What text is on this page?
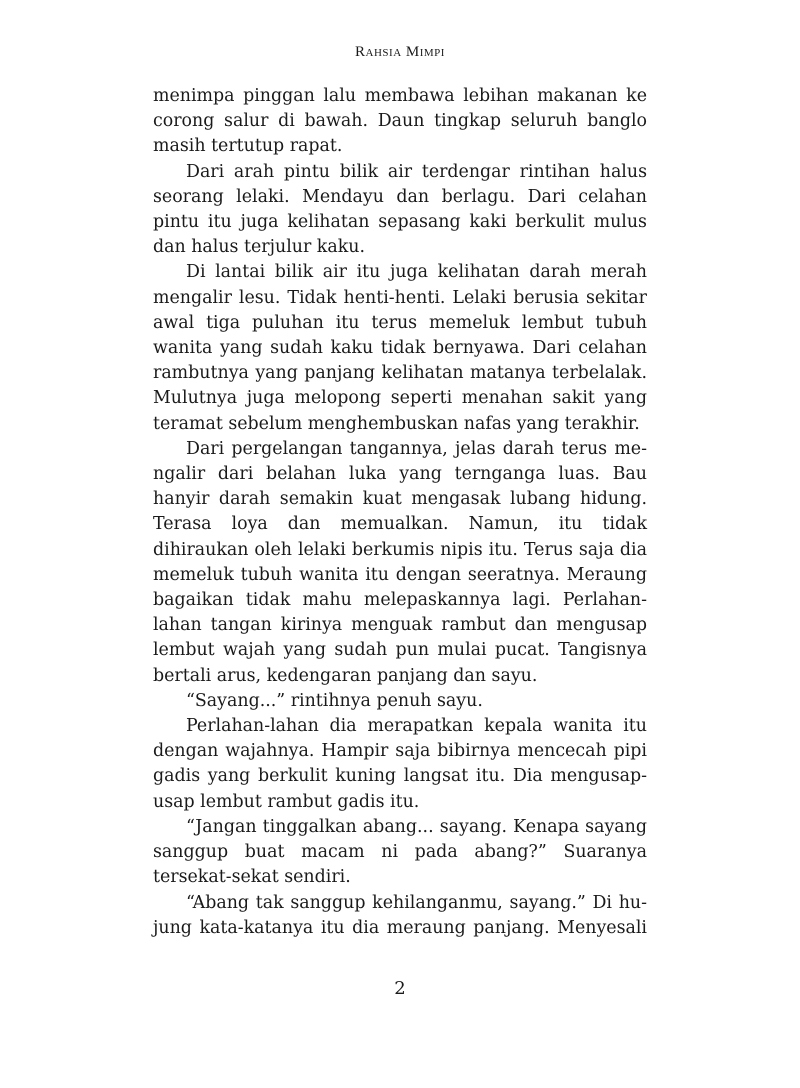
Rahsia Mimpi

menimpa pinggan lalu membawa lebihan makanan ke corong salur di bawah. Daun tingkap seluruh banglo masih tertutup rapat.

Dari arah pintu bilik air terdengar rintihan halus seorang lelaki. Mendayu dan berlagu. Dari celahan pintu itu juga kelihatan sepasang kaki berkulit mulus dan halus terjulur kaku.

Di lantai bilik air itu juga kelihatan darah merah mengalir lesu. Tidak henti-henti. Lelaki berusia sekitar awal tiga puluhan itu terus memeluk lembut tubuh wanita yang sudah kaku tidak bernyawa. Dari celahan rambutnya yang panjang kelihatan matanya terbelalak. Mulutnya juga melopong seperti menahan sakit yang teramat sebelum menghembuskan nafas yang terakhir.

Dari pergelangan tangannya, jelas darah terus mengalir dari belahan luka yang ternganga luas. Bau hanyir darah semakin kuat mengasak lubang hidung. Terasa loya dan memualkan. Namun, itu tidak dihiraukan oleh lelaki berkumis nipis itu. Terus saja dia memeluk tubuh wanita itu dengan seeratnya. Meraung bagaikan tidak mahu melepaskannya lagi. Perlahan-lahan tangan kirinya menguak rambut dan mengusap lembut wajah yang sudah pun mulai pucat. Tangisnya bertali arus, kedengaran panjang dan sayu.

“Sayang...” rintihnya penuh sayu.

Perlahan-lahan dia merapatkan kepala wanita itu dengan wajahnya. Hampir saja bibirnya mencecah pipi gadis yang berkulit kuning langsat itu. Dia mengusap-usap lembut rambut gadis itu.

“Jangan tinggalkan abang... sayang. Kenapa sayang sanggup buat macam ni pada abang?” Suaranya tersekat-sekat sendiri.

“Abang tak sanggup kehilanganmu, sayang.” Di hujung kata-katanya itu dia meraung panjang. Menyesali

2
